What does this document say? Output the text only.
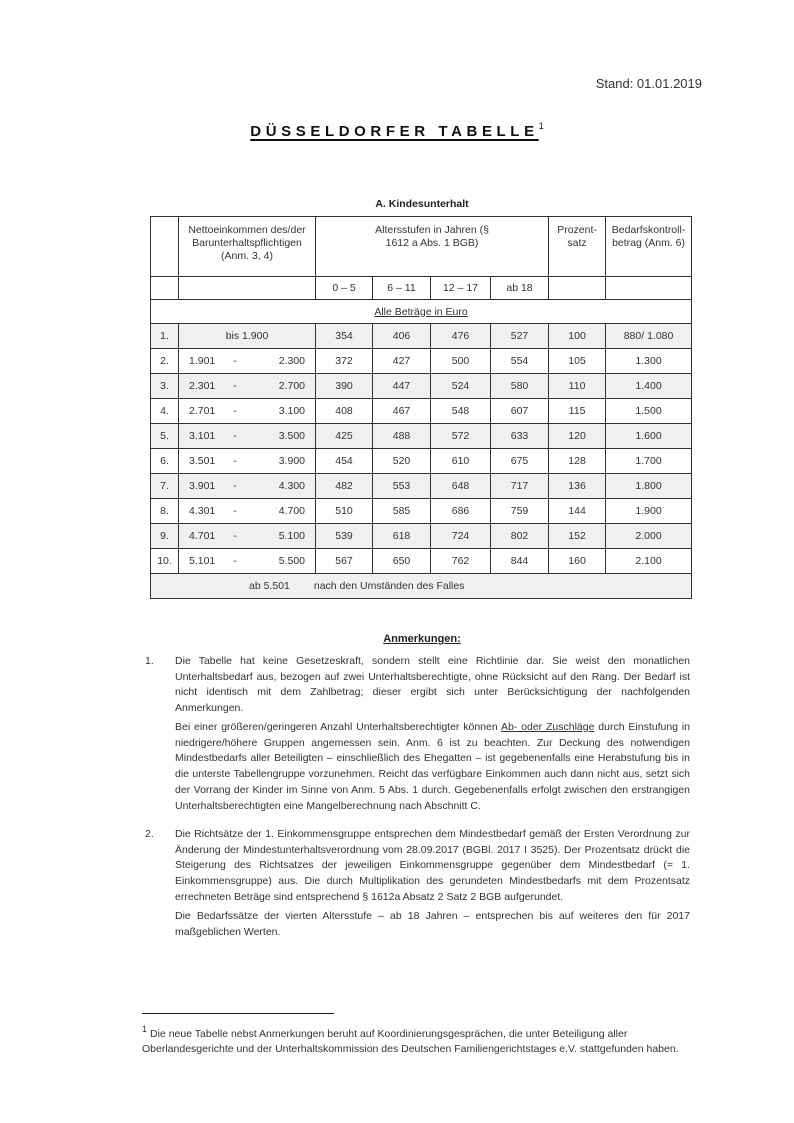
Stand: 01.01.2019
DÜSSELDORFER TABELLE$^1$
A. Kindesunterhalt
	Nettoeinkommen des/der Barunterhaltspflichtigen (Anm. 3, 4)	Altersstufen in Jahren (§ 1612 a Abs. 1 BGB)				Prozent-satz	Bedarfskontroll-betrag (Anm. 6)
		0 – 5	6 – 11	12 – 17	ab 18		
Alle Beträge in Euro							
1.	bis 1.900	354	406	476	527	100	880/ 1.080
2.	1.901 - 2.300	372	427	500	554	105	1.300
3.	2.301 - 2.700	390	447	524	580	110	1.400
4.	2.701 - 3.100	408	467	548	607	115	1.500
5.	3.101 - 3.500	425	488	572	633	120	1.600
6.	3.501 - 3.900	454	520	610	675	128	1.700
7.	3.901 - 4.300	482	553	648	717	136	1.800
8.	4.301 - 4.700	510	585	686	759	144	1.900
9.	4.701 - 5.100	539	618	724	802	152	2.000
10.	5.101 - 5.500	567	650	762	844	160	2.100

ab 5.501 nach den Umständen des Falles							
Anmerkungen:
1. Die Tabelle hat keine Gesetzeskraft, sondern stellt eine Richtlinie dar. Sie weist den monatlichen Unterhaltsbedarf aus, bezogen auf zwei Unterhaltsberechtigte, ohne Rücksicht auf den Rang. Der Bedarf ist nicht identisch mit dem Zahlbetrag; dieser ergibt sich unter Berücksichtigung der nachfolgenden Anmerkungen.
Bei einer größeren/geringeren Anzahl Unterhaltsberechtigter können Ab- oder Zuschläge durch Einstufung in niedrigere/höhere Gruppen angemessen sein. Anm. 6 ist zu beachten. Zur Deckung des notwendigen Mindestbedarfs aller Beteiligten – einschließlich des Ehegatten – ist gegebenenfalls eine Herabstufung bis in die unterste Tabellengruppe vorzunehmen. Reicht das verfügbare Einkommen auch dann nicht aus, setzt sich der Vorrang der Kinder im Sinne von Anm. 5 Abs. 1 durch. Gegebenenfalls erfolgt zwischen den erstrangigen Unterhaltsberechtigten eine Mangelberechnung nach Abschnitt C.
2. Die Richtsätze der 1. Einkommensgruppe entsprechen dem Mindestbedarf gemäß der Ersten Verordnung zur Änderung der Mindestunterhaltsverordnung vom 28.09.2017 (BGBl. 2017 I 3525). Der Prozentsatz drückt die Steigerung des Richtsatzes der jeweiligen Einkommensgruppe gegenüber dem Mindestbedarf (= 1. Einkommensgruppe) aus. Die durch Multiplikation des gerundeten Mindestbedarfs mit dem Prozentsatz errechneten Beträge sind entsprechend § 1612a Absatz 2 Satz 2 BGB aufgerundet.
Die Bedarfssätze der vierten Altersstufe – ab 18 Jahren – entsprechen bis auf weiteres den für 2017 maßgeblichen Werten.
$^1$ Die neue Tabelle nebst Anmerkungen beruht auf Koordinierungsgesprächen, die unter Beteiligung aller Oberlandesgerichte und der Unterhaltskommission des Deutschen Familiengerichtstages e.V. stattgefunden haben.
